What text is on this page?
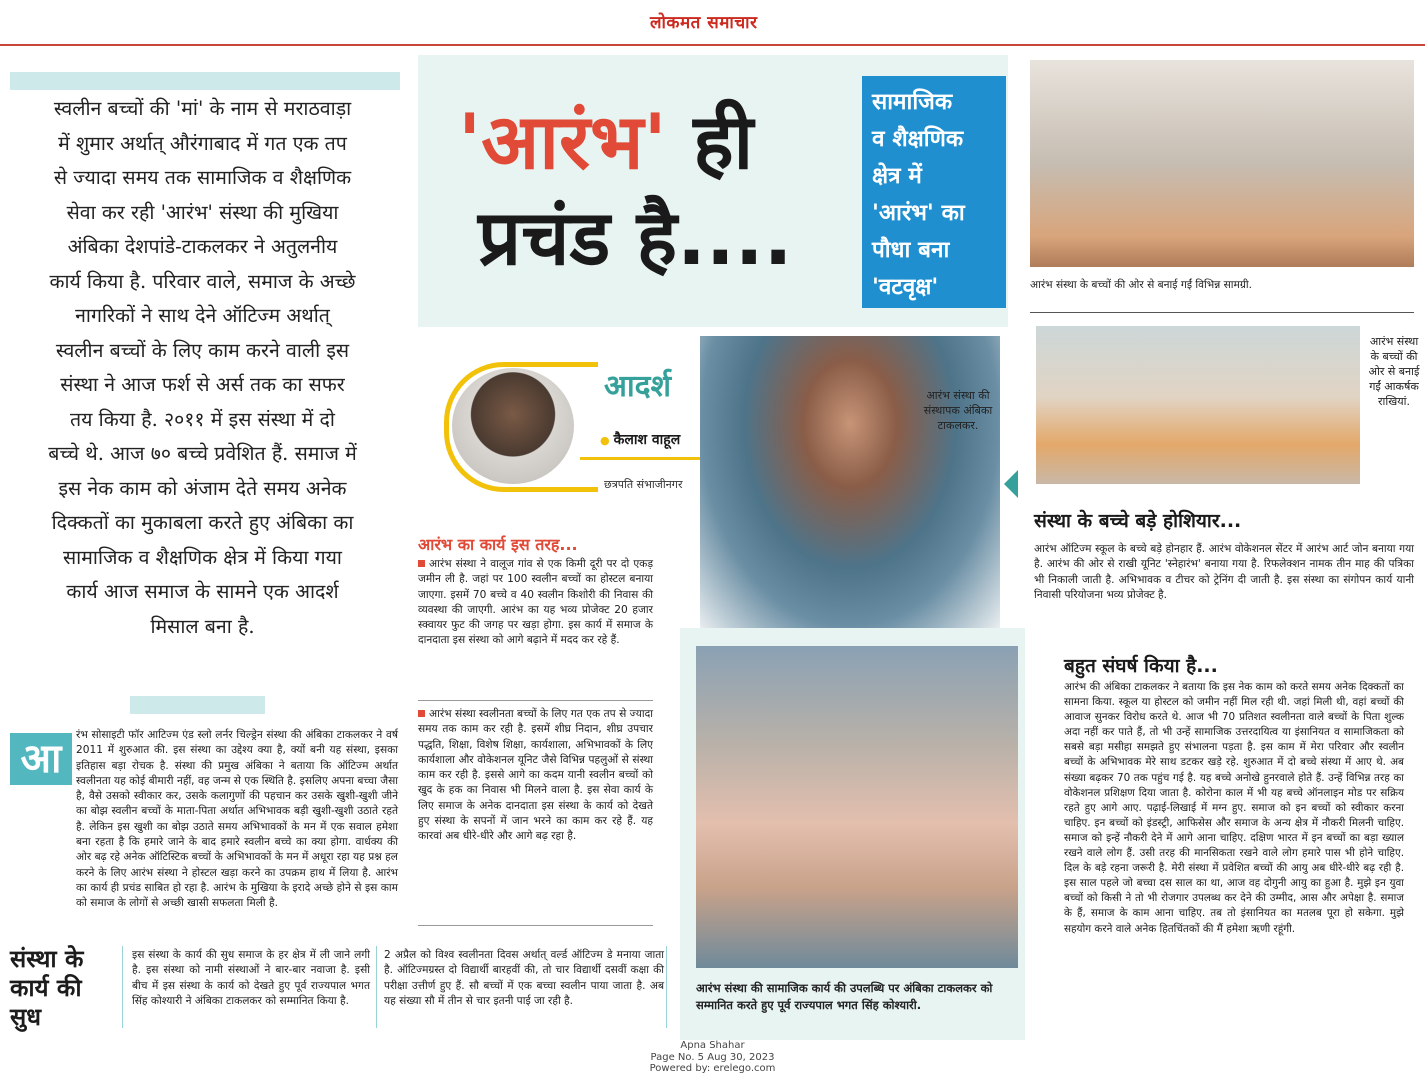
लोकमत समाचार
स्वलीन बच्चों की 'मां' के नाम से मराठवाड़ा
में शुमार अर्थात् औरंगाबाद में गत एक तप
से ज्यादा समय तक सामाजिक व शैक्षणिक
सेवा कर रही 'आरंभ' संस्था की मुखिया
अंबिका देशपांडे-टाकलकर ने अतुलनीय
कार्य किया है. परिवार वाले, समाज के अच्छे
नागरिकों ने साथ देने ऑटिज्म अर्थात्
स्वलीन बच्चों के लिए काम करने वाली इस
संस्था ने आज फर्श से अर्स तक का सफर
तय किया है. २०११ में इस संस्था में दो
बच्चे थे. आज ७० बच्चे प्रवेशित हैं. समाज में
इस नेक काम को अंजाम देते समय अनेक
दिक्कतों का मुकाबला करते हुए अंबिका का
सामाजिक व शैक्षणिक क्षेत्र में किया गया
कार्य आज समाज के सामने एक आदर्श
मिसाल बना है.
आ

रंभ सोसाइटी फॉर आटिज्म एंड स्लो लर्नर चिल्ड्रेन संस्था की अंबिका टाकलकर ने वर्ष 2011 में शुरुआत की. इस संस्था का उद्देश्य क्या है, क्यों बनी यह संस्था, इसका इतिहास बड़ा रोचक है. संस्था की प्रमुख अंबिका ने बताया कि ऑटिज्म अर्थात स्वलीनता यह कोई बीमारी नहीं, वह जन्म से एक स्थिति है. इसलिए अपना बच्चा जैसा है, वैसे उसको स्वीकार कर, उसके कलागुणों की पहचान कर उसके खुशी-खुशी जीने का बोझ स्वलीन बच्चों के माता-पिता अर्थात अभिभावक बड़ी खुशी-खुशी उठाते रहते है. लेकिन इस खुशी का बोझ उठाते समय अभिभावकों के मन में एक सवाल हमेशा बना रहता है कि हमारे जाने के बाद हमारे स्वलीन बच्चे का क्या होगा. वार्धक्य की ओर बढ़ रहे अनेक ऑटिस्टिक बच्चों के अभिभावकों के मन में अधूरा रहा यह प्रश्न हल करने के लिए आरंभ संस्था ने होस्टल खड़ा करने का उपक्रम हाथ में लिया है. आरंभ का कार्य ही प्रचंड साबित हो रहा है. आरंभ के मुखिया के इरादे अच्छे होने से इस काम को समाज के लोगों से अच्छी खासी सफलता मिली है.

संस्था के
कार्य की
सुध
इस संस्था के कार्य की सुध समाज के हर क्षेत्र में ली जाने लगी है. इस संस्था को नामी संस्थाओं ने बार-बार नवाजा है. इसी बीच में इस संस्था के कार्य को देखते हुए पूर्व राज्यपाल भगत सिंह कोश्यारी ने अंबिका टाकलकर को सम्मानित किया है.
2 अप्रैल को विश्व स्वलीनता दिवस अर्थात् वर्ल्ड ऑटिज्म डे मनाया जाता है. ऑटिज्मग्रस्त दो विद्यार्थी बारहवीं की, तो चार विद्यार्थी दसवीं कक्षा की परीक्षा उत्तीर्ण हुए हैं. सौ बच्चों में एक बच्चा स्वलीन पाया जाता है. अब यह संख्या सौ में तीन से चार इतनी पाई जा रही है.
'आरंभ' ही
प्रचंड है....
सामाजिक
व शैक्षणिक
क्षेत्र में
'आरंभ' का
पौधा बना
'वटवृक्ष'	आरंभ संस्था के बच्चों की ओर से बनाई गईं विभिन्न सामग्री.
आरंभ संस्था के बच्चों की ओर से बनाई गईं आकर्षक राखियां.
संस्था के बच्चे बड़े होशियार...
आरंभ ऑटिज्म स्कूल के बच्चे बड़े होनहार हैं. आरंभ वोकेशनल सेंटर में आरंभ आर्ट जोन बनाया गया है. आरंभ की ओर से राखी यूनिट 'स्नेहारंभ' बनाया गया है. रिफलेक्शन नामक तीन माह की पत्रिका भी निकाली जाती है. अभिभावक व टीचर को ट्रेनिंग दी जाती है. इस संस्था का संगोपन कार्य यानी निवासी परियोजना भव्य प्रोजेक्ट है.
आदर्श
● कैलाश वाहूल
छत्रपति संभाजीनगर
आरंभ संस्था की संस्थापक अंबिका टाकलकर.
आरंभ का कार्य इस तरह...
आरंभ संस्था ने वालूज गांव से एक किमी दूरी पर दो एकड़ जमीन ली है. जहां पर 100 स्वलीन बच्चों का होस्टल बनाया जाएगा. इसमें 70 बच्चे व 40 स्वलीन किशोरी की निवास की व्यवस्था की जाएगी. आरंभ का यह भव्य प्रोजेक्ट 20 हजार स्क्वायर फुट की जगह पर खड़ा होगा. इस कार्य में समाज के दानदाता इस संस्था को आगे बढ़ाने में मदद कर रहे हैं.
आरंभ संस्था स्वलीनता बच्चों के लिए गत एक तप से ज्यादा समय तक काम कर रही है. इसमें शीघ्र निदान, शीघ्र उपचार पद्धति, शिक्षा, विशेष शिक्षा, कार्यशाला, अभिभावकों के लिए कार्यशाला और वोकेशनल यूनिट जैसे विभिन्न पहलुओं से संस्था काम कर रही है. इससे आगे का कदम यानी स्वलीन बच्चों को खुद के हक का निवास भी मिलने वाला है. इस सेवा कार्य के लिए समाज के अनेक दानदाता इस संस्था के कार्य को देखते हुए संस्था के सपनों में जान भरने का काम कर रहे हैं. यह कारवां अब धीरे-धीरे और आगे बढ़ रहा है.
आरंभ संस्था की सामाजिक कार्य की उपलब्धि पर अंबिका टाकलकर को सम्मानित करते हुए पूर्व राज्यपाल भगत सिंह कोश्यारी.
बहुत संघर्ष किया है...
आरंभ की अंबिका टाकलकर ने बताया कि इस नेक काम को करते समय अनेक दिक्कतों का सामना किया. स्कूल या होस्टल को जमीन नहीं मिल रही थी. जहां मिली थी, वहां बच्चों की आवाज सुनकर विरोध करते थे. आज भी 70 प्रतिशत स्वलीनता वाले बच्चों के पिता शुल्क अदा नहीं कर पाते हैं, तो भी उन्हें सामाजिक उत्तरदायित्व या इंसानियत व सामाजिकता को सबसे बड़ा मसीहा समझते हुए संभालना पड़ता है. इस काम में मेरा परिवार और स्वलीन बच्चों के अभिभावक मेरे साथ डटकर खड़े रहे. शुरुआत में दो बच्चे संस्था में आए थे. अब संख्या बढ़कर 70 तक पहुंच गई है. यह बच्चे अनोखे हुनरवाले होते हैं. उन्हें विभिन्न तरह का वोकेशनल प्रशिक्षण दिया जाता है. कोरोना काल में भी यह बच्चे ऑनलाइन मोड पर सक्रिय रहते हुए आगे आए. पढ़ाई-लिखाई में मग्न हुए. समाज को इन बच्चों को स्वीकार करना चाहिए. इन बच्चों को इंडस्ट्री, आफिसेस और समाज के अन्य क्षेत्र में नौकरी मिलनी चाहिए. समाज को इन्हें नौकरी देने में आगे आना चाहिए. दक्षिण भारत में इन बच्चों का बड़ा ख्याल रखने वाले लोग हैं. उसी तरह की मानसिकता रखने वाले लोग हमारे पास भी होने चाहिए. दिल के बड़े रहना जरूरी है. मेरी संस्था में प्रवेशित बच्चों की आयु अब धीरे-धीरे बढ़ रही है. इस साल पहले जो बच्चा दस साल का था, आज वह दोगुनी आयु का हुआ है. मुझे इन युवा बच्चों को किसी ने तो भी रोजगार उपलब्ध कर देने की उम्मीद, आस और अपेक्षा है. समाज के हैं, समाज के काम आना चाहिए. तब तो इंसानियत का मतलब पूरा हो सकेगा. मुझे सहयोग करने वाले अनेक हितचिंतकों की मैं हमेशा ऋणी रहूंगी.
Apna Shahar
Page No. 5 Aug 30, 2023
Powered by: erelego.com
